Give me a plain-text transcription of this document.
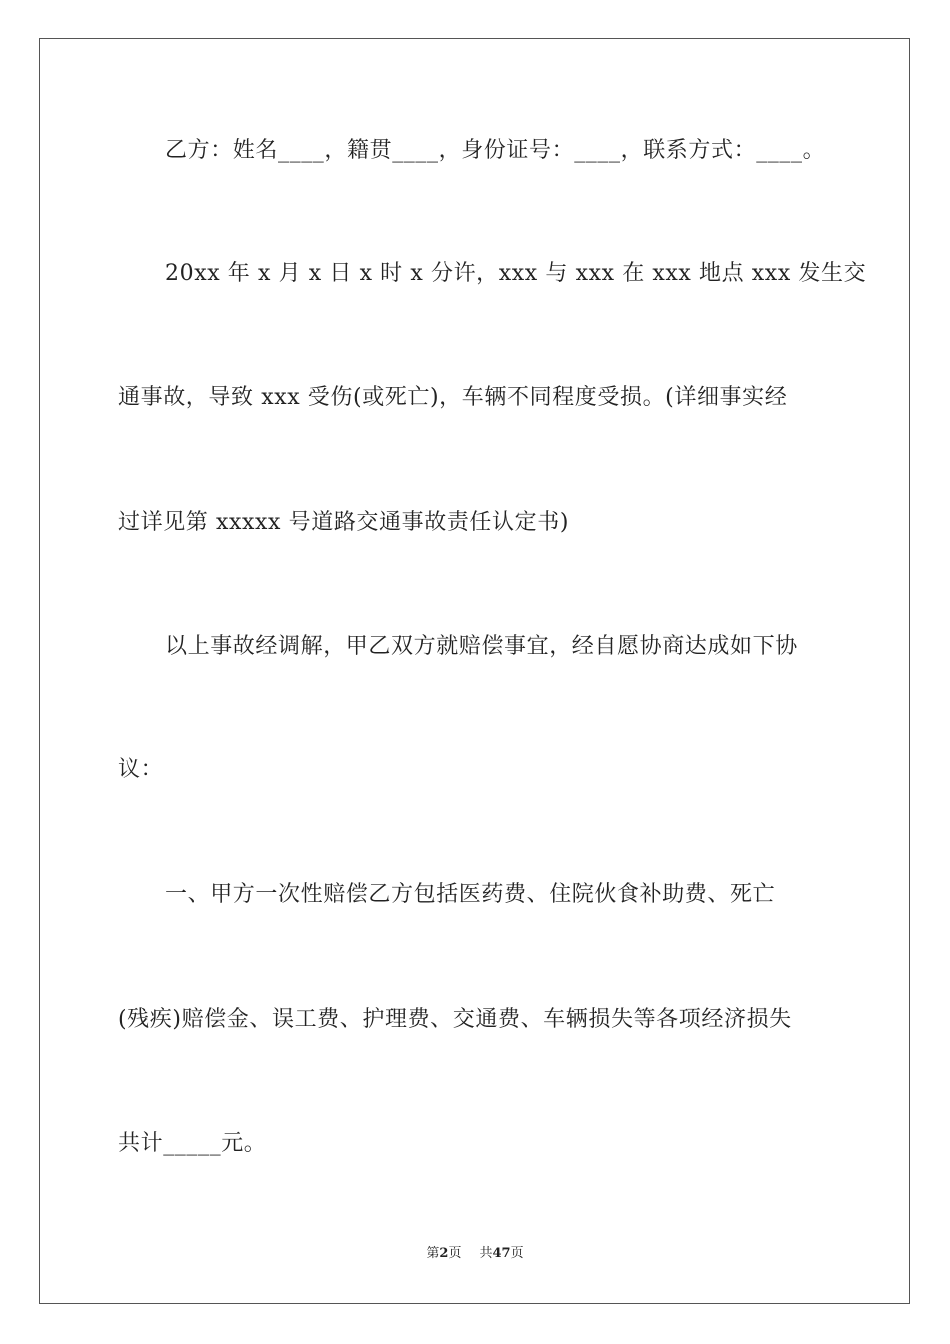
乙方：姓名____，籍贯____，身份证号：____，联系方式：____。
20xx 年 x 月 x 日 x 时 x 分许，xxx 与 xxx 在 xxx 地点 xxx 发生交
通事故，导致 xxx 受伤(或死亡)，车辆不同程度受损。(详细事实经
过详见第 xxxxx 号道路交通事故责任认定书)
以上事故经调解，甲乙双方就赔偿事宜，经自愿协商达成如下协
议：
一、甲方一次性赔偿乙方包括医药费、住院伙食补助费、死亡
(残疾)赔偿金、误工费、护理费、交通费、车辆损失等各项经济损失
共计_____元。
第2页 共47页
